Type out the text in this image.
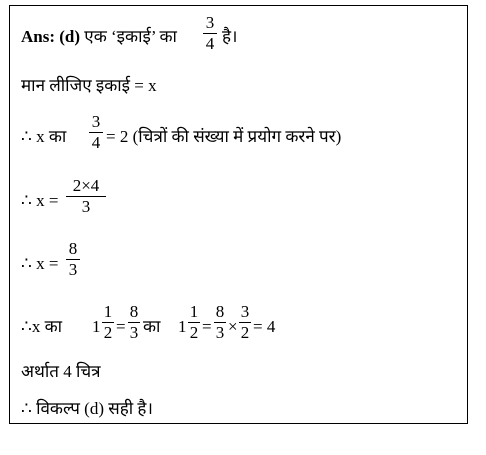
Ans: (d) एक ‘इकाई’ का
3
4 है।
मान लीजिए इकाई = x
∴ x का
3
4 = 2 (चित्रों की संख्या में प्रयोग करने पर)
∴ x =
2×4
3
∴ x =
8
3
∴x का 1
1
2 =
8
3 का 1
1
2 =
8
3 ×
3
2 = 4
अर्थात 4 चित्र
∴ विकल्प (d) सही है।
